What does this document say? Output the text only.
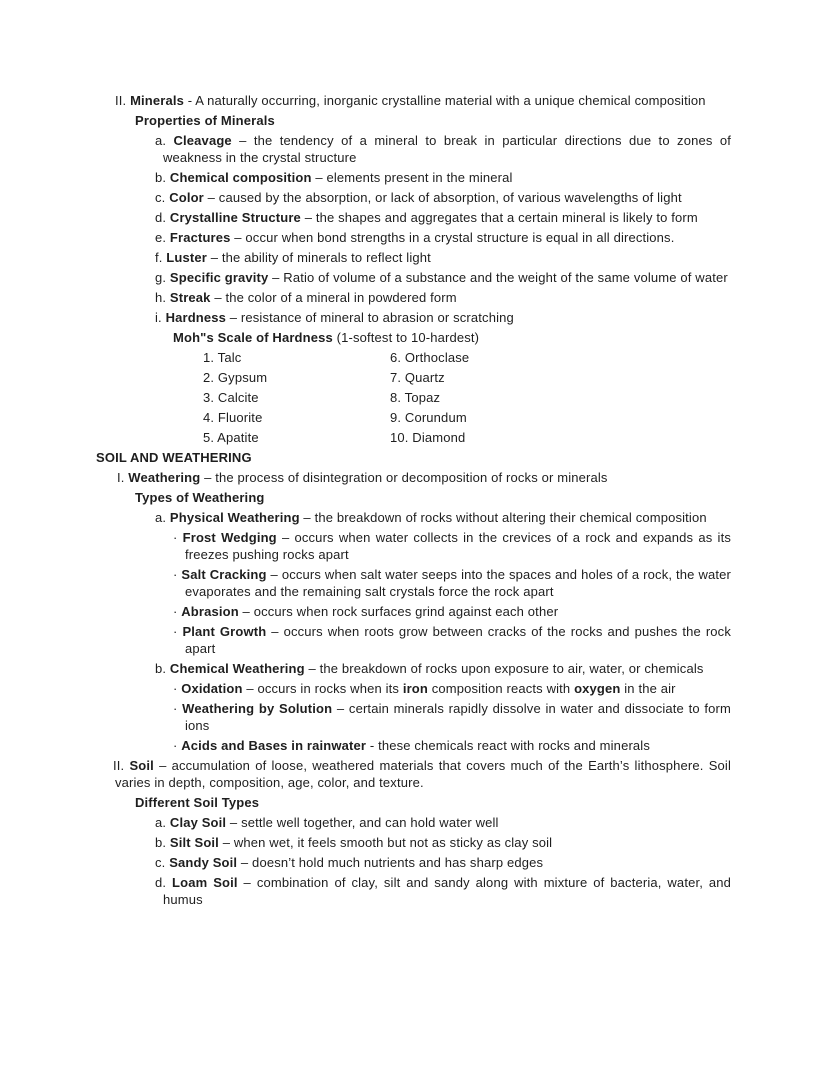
II. Minerals - A naturally occurring, inorganic crystalline material with a unique chemical composition

Properties of Minerals

a. Cleavage – the tendency of a mineral to break in particular directions due to zones of weakness in the crystal structure

b. Chemical composition – elements present in the mineral

c. Color – caused by the absorption, or lack of absorption, of various wavelengths of light

d. Crystalline Structure – the shapes and aggregates that a certain mineral is likely to form

e. Fractures – occur when bond strengths in a crystal structure is equal in all directions.

f. Luster – the ability of minerals to reflect light

g. Specific gravity – Ratio of volume of a substance and the weight of the same volume of water

h. Streak – the color of a mineral in powdered form

i. Hardness – resistance of mineral to abrasion or scratching

Moh"s Scale of Hardness (1-softest to 10-hardest)

1. Talc	6. Orthoclase
2. Gypsum	7. Quartz
3. Calcite	8. Topaz
4. Fluorite	9. Corundum
5. Apatite	10. Diamond

SOIL AND WEATHERING

I. Weathering – the process of disintegration or decomposition of rocks or minerals

Types of Weathering

a. Physical Weathering – the breakdown of rocks without altering their chemical composition

· Frost Wedging – occurs when water collects in the crevices of a rock and expands as its freezes pushing rocks apart

· Salt Cracking – occurs when salt water seeps into the spaces and holes of a rock, the water evaporates and the remaining salt crystals force the rock apart

· Abrasion – occurs when rock surfaces grind against each other

· Plant Growth – occurs when roots grow between cracks of the rocks and pushes the rock apart

b. Chemical Weathering – the breakdown of rocks upon exposure to air, water, or chemicals

· Oxidation – occurs in rocks when its iron composition reacts with oxygen in the air

· Weathering by Solution – certain minerals rapidly dissolve in water and dissociate to form ions

· Acids and Bases in rainwater - these chemicals react with rocks and minerals

II. Soil – accumulation of loose, weathered materials that covers much of the Earth’s lithosphere. Soil varies in depth, composition, age, color, and texture.

Different Soil Types

a. Clay Soil – settle well together, and can hold water well

b. Silt Soil – when wet, it feels smooth but not as sticky as clay soil

c. Sandy Soil – doesn’t hold much nutrients and has sharp edges

d. Loam Soil – combination of clay, silt and sandy along with mixture of bacteria, water, and humus
